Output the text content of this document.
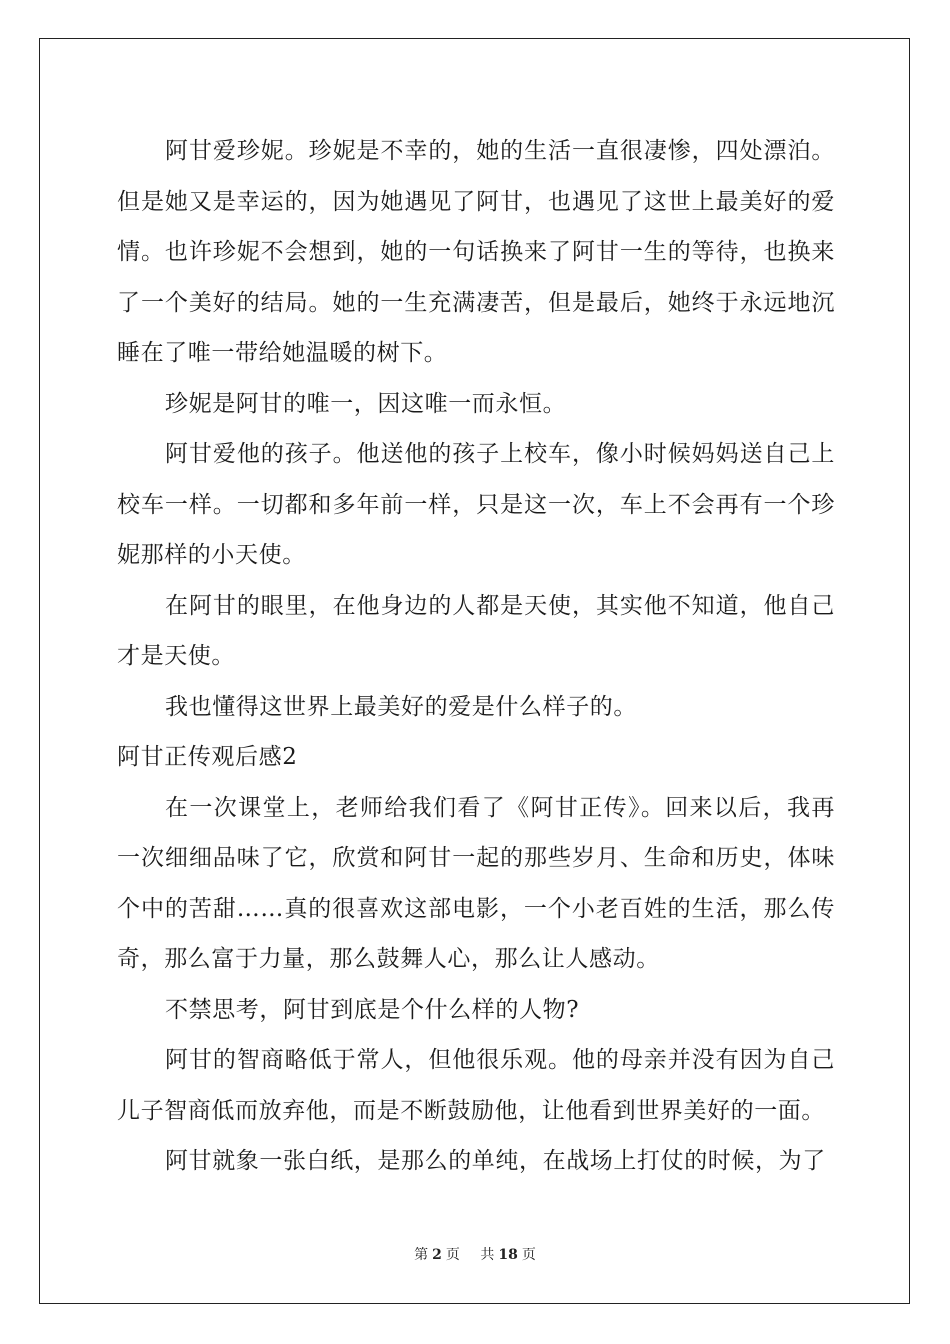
阿甘爱珍妮。珍妮是不幸的，她的生活一直很凄惨，四处漂泊。但是她又是幸运的，因为她遇见了阿甘，也遇见了这世上最美好的爱情。也许珍妮不会想到，她的一句话换来了阿甘一生的等待，也换来了一个美好的结局。她的一生充满凄苦，但是最后，她终于永远地沉睡在了唯一带给她温暖的树下。

珍妮是阿甘的唯一，因这唯一而永恒。

阿甘爱他的孩子。他送他的孩子上校车，像小时候妈妈送自己上校车一样。一切都和多年前一样，只是这一次，车上不会再有一个珍妮那样的小天使。

在阿甘的眼里，在他身边的人都是天使，其实他不知道，他自己才是天使。

我也懂得这世界上最美好的爱是什么样子的。

阿甘正传观后感2

在一次课堂上，老师给我们看了《阿甘正传》。回来以后，我再一次细细品味了它，欣赏和阿甘一起的那些岁月、生命和历史，体味个中的苦甜……真的很喜欢这部电影，一个小老百姓的生活，那么传奇，那么富于力量，那么鼓舞人心，那么让人感动。

不禁思考，阿甘到底是个什么样的人物?

阿甘的智商略低于常人，但他很乐观。他的母亲并没有因为自己儿子智商低而放弃他，而是不断鼓励他，让他看到世界美好的一面。

阿甘就象一张白纸，是那么的单纯，在战场上打仗的时候，为了

第 2 页 共 18 页
